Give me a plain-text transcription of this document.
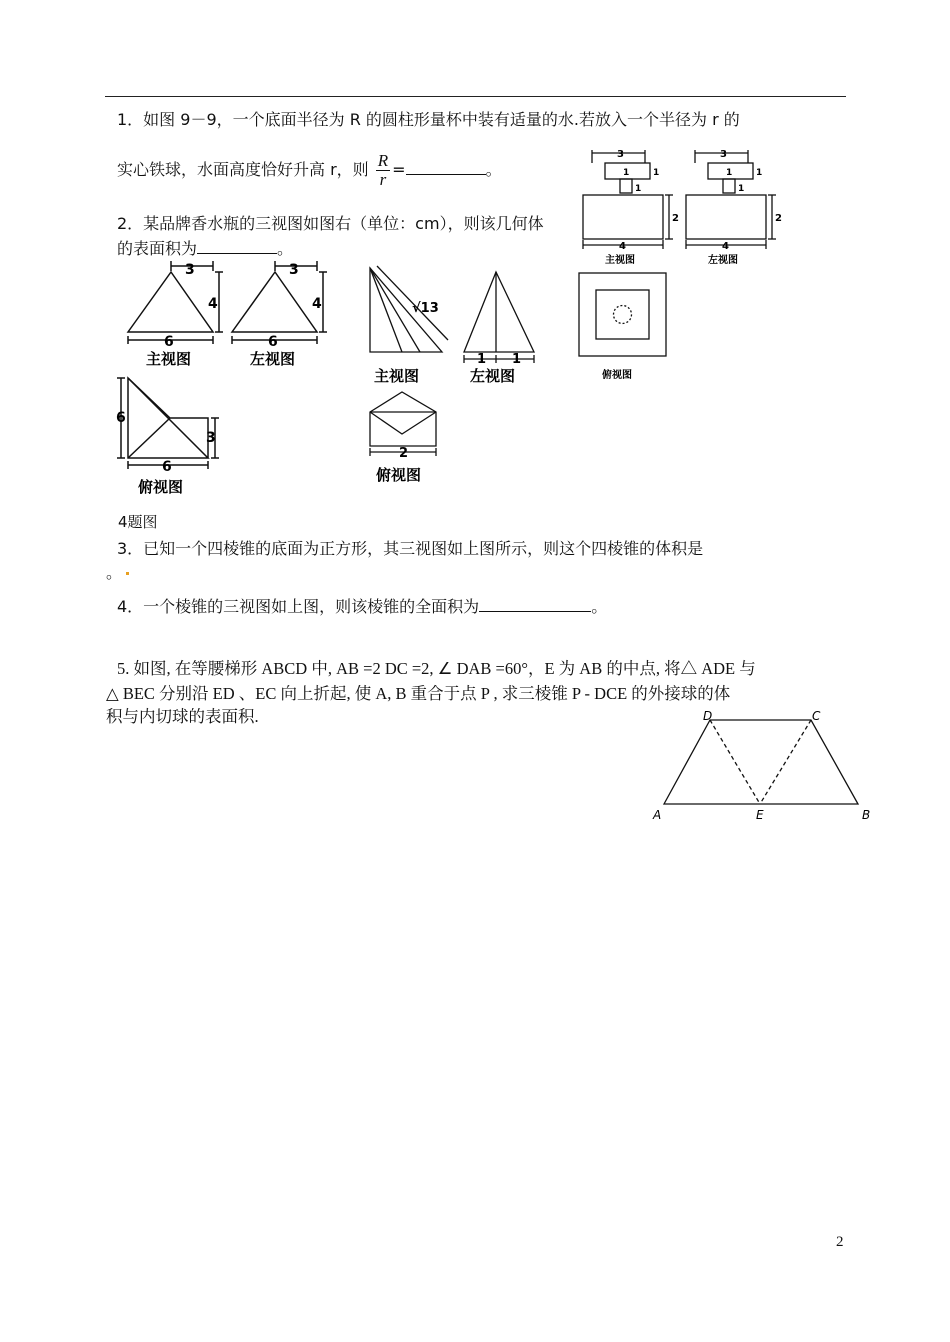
1．如图 9－9，一个底面半径为 R 的圆柱形量杯中装有适量的水.若放入一个半径为 r 的
实心铁球，水面高度恰好升高 r，则 $\frac{R}{r}$ =	。
2．某品牌香水瓶的三视图如图右（单位：cm），则该几何体
的表面积为	。
3
1	1
1
2
4
主视图
3
1	1
1
2
4
左视图
俯视图
3
4
6
主视图
3
4
6
左视图
6
3
6
俯视图
√13
主视图
1 1
左视图
2
俯视图
4题图
3．已知一个四棱锥的底面为正方形，其三视图如上图所示，则这个四棱锥的体积是
。
4．一个棱锥的三视图如上图，则该棱锥的全面积为	。
5. 如图, 在等腰梯形 ABCD 中, AB =2 DC =2, ∠ DAB =60°，E 为 AB 的中点, 将△ ADE 与
△ BEC 分别沿 ED 、EC 向上折起, 使 A, B 重合于点 P , 求三棱锥 P - DCE 的外接球的体
积与内切球的表面积.
A	B
C
D
E
2
